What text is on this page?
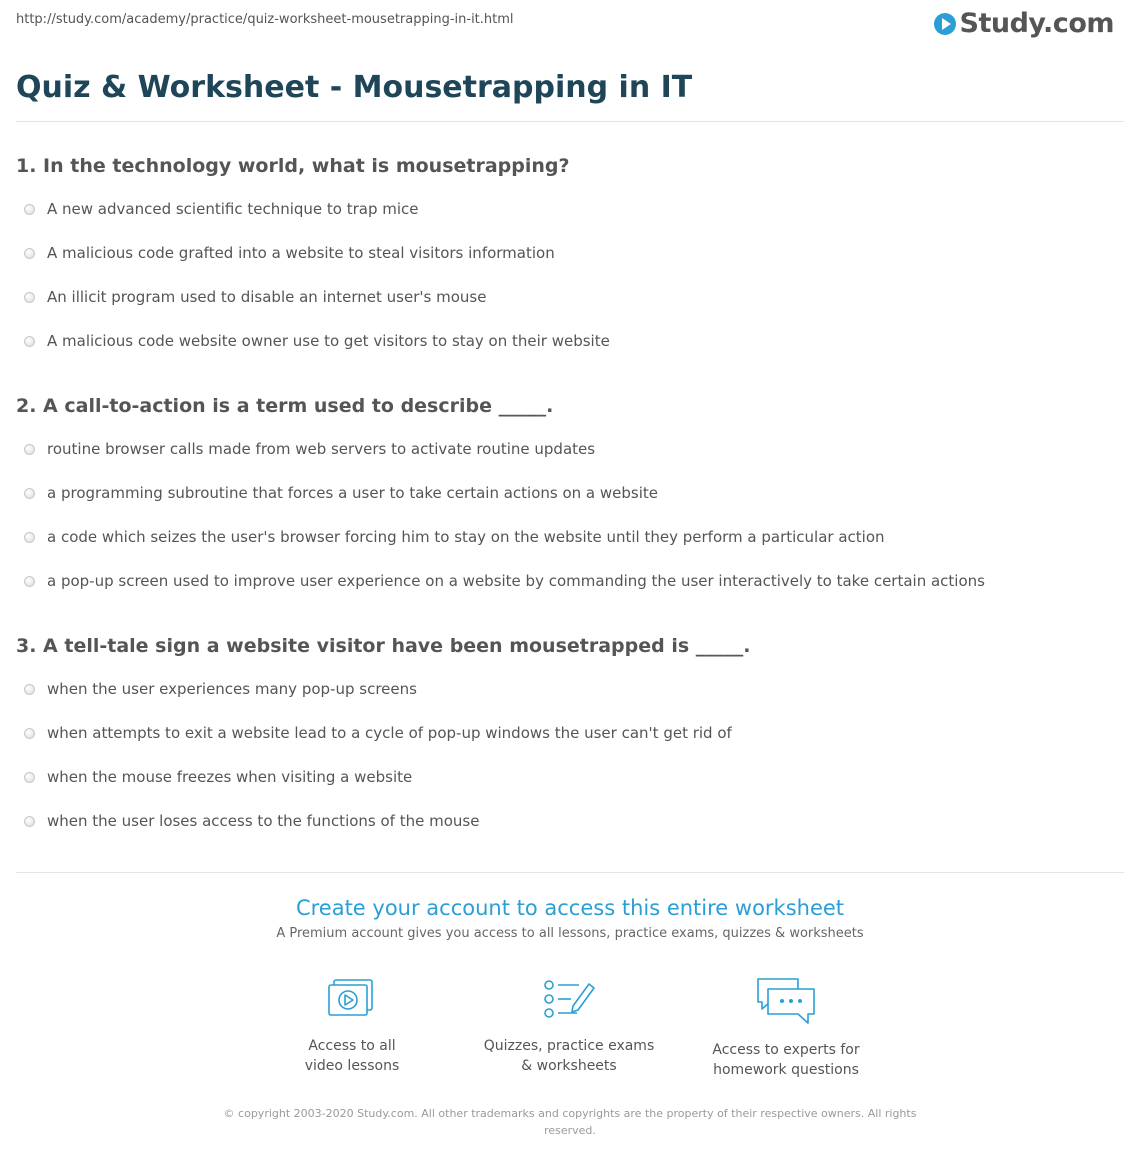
http://study.com/academy/practice/quiz-worksheet-mousetrapping-in-it.html	Study.com
Quiz & Worksheet - Mousetrapping in IT
1. In the technology world, what is mousetrapping?
A new advanced scientific technique to trap mice
A malicious code grafted into a website to steal visitors information
An illicit program used to disable an internet user's mouse
A malicious code website owner use to get visitors to stay on their website
2. A call-to-action is a term used to describe _____.
routine browser calls made from web servers to activate routine updates
a programming subroutine that forces a user to take certain actions on a website
a code which seizes the user's browser forcing him to stay on the website until they perform a particular action
a pop-up screen used to improve user experience on a website by commanding the user interactively to take certain actions
3. A tell-tale sign a website visitor have been mousetrapped is _____.
when the user experiences many pop-up screens
when attempts to exit a website lead to a cycle of pop-up windows the user can't get rid of
when the mouse freezes when visiting a website
when the user loses access to the functions of the mouse
Create your account to access this entire worksheet
A Premium account gives you access to all lessons, practice exams, quizzes & worksheets
Access to all
video lessons
Quizzes, practice exams
& worksheets
Access to experts for
homework questions
© copyright 2003-2020 Study.com. All other trademarks and copyrights are the property of their respective owners. All rights
reserved.
